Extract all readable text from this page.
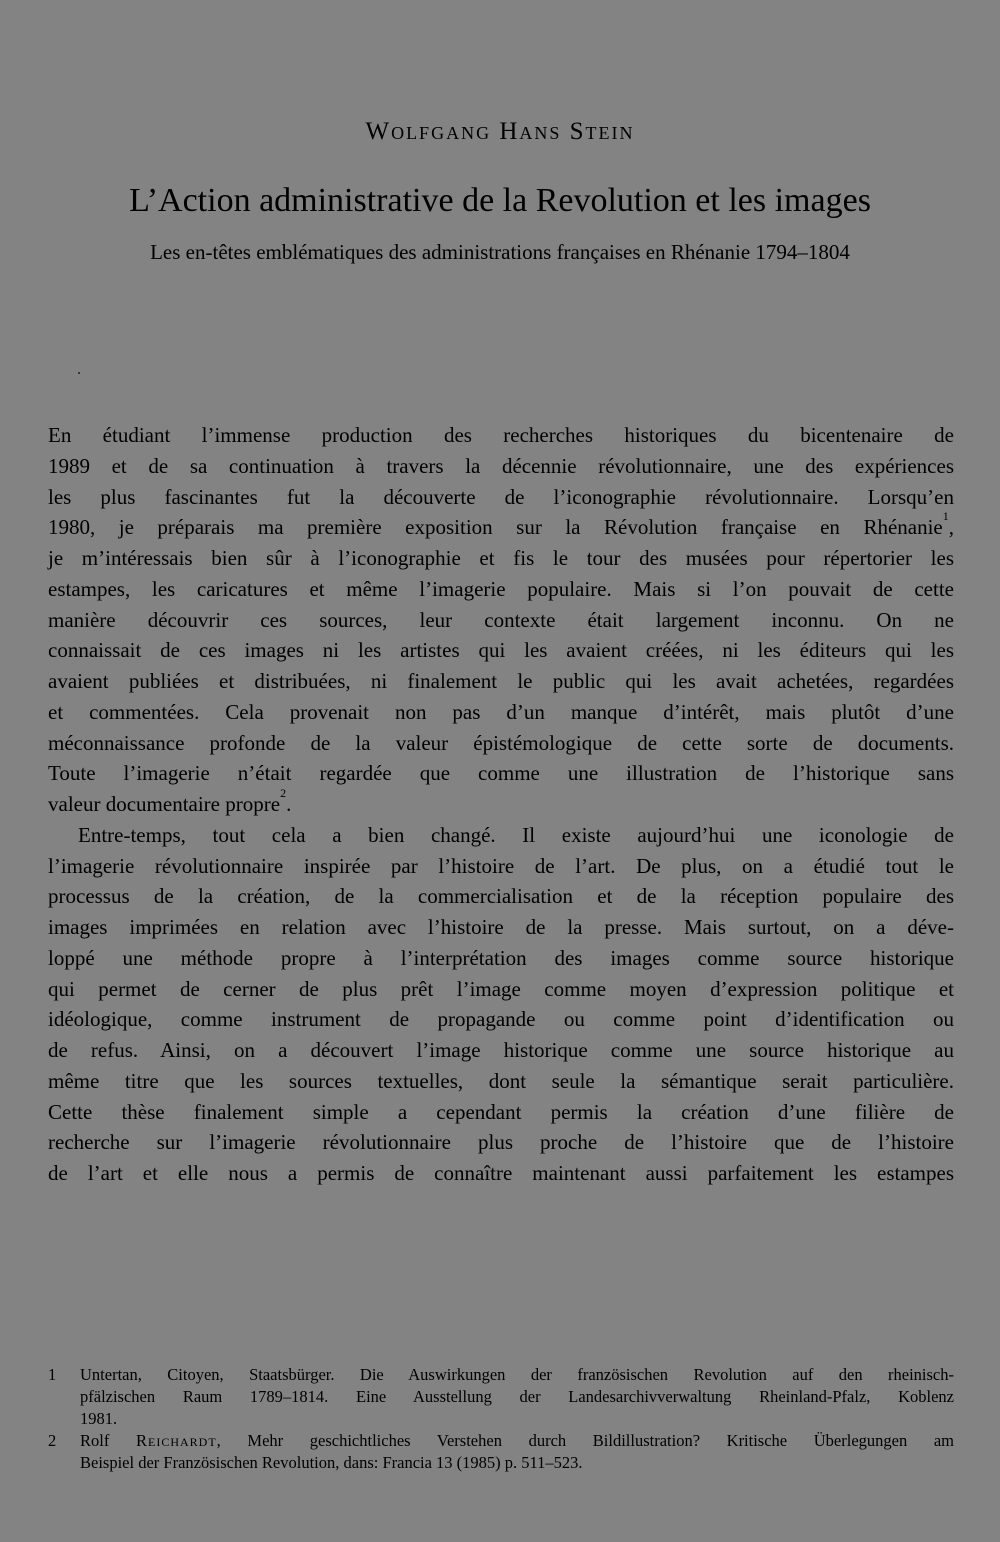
Wolfgang Hans Stein
L’Action administrative de la Revolution et les images
Les en-têtes emblématiques des administrations françaises en Rhénanie 1794–1804
En étudiant l’immense production des recherches historiques du bicentenaire de
1989 et de sa continuation à travers la décennie révolutionnaire, une des expériences
les plus fascinantes fut la découverte de l’iconographie révolutionnaire. Lorsqu’en
1980, je préparais ma première exposition sur la Révolution française en Rhénanie$^1$,
je m’intéressais bien sûr à l’iconographie et fis le tour des musées pour répertorier les
estampes, les caricatures et même l’imagerie populaire. Mais si l’on pouvait de cette
manière découvrir ces sources, leur contexte était largement inconnu. On ne
connaissait de ces images ni les artistes qui les avaient créées, ni les éditeurs qui les
avaient publiées et distribuées, ni finalement le public qui les avait achetées, regardées
et commentées. Cela provenait non pas d’un manque d’intérêt, mais plutôt d’une
méconnaissance profonde de la valeur épistémologique de cette sorte de documents.
Toute l’imagerie n’était regardée que comme une illustration de l’historique sans
valeur documentaire propre$^2$.
Entre-temps, tout cela a bien changé. Il existe aujourd’hui une iconologie de
l’imagerie révolutionnaire inspirée par l’histoire de l’art. De plus, on a étudié tout le
processus de la création, de la commercialisation et de la réception populaire des
images imprimées en relation avec l’histoire de la presse. Mais surtout, on a déve-
loppé une méthode propre à l’interprétation des images comme source historique
qui permet de cerner de plus prêt l’image comme moyen d’expression politique et
idéologique, comme instrument de propagande ou comme point d’identification ou
de refus. Ainsi, on a découvert l’image historique comme une source historique au
même titre que les sources textuelles, dont seule la sémantique serait particulière.
Cette thèse finalement simple a cependant permis la création d’une filière de
recherche sur l’imagerie révolutionnaire plus proche de l’histoire que de l’histoire
de l’art et elle nous a permis de connaître maintenant aussi parfaitement les estampes
1	Untertan, Citoyen, Staatsbürger. Die Auswirkungen der französischen Revolution auf den rheinisch-
pfälzischen Raum 1789–1814. Eine Ausstellung der Landesarchivverwaltung Rheinland-Pfalz, Koblenz
1981.
2	Rolf Reichardt, Mehr geschichtliches Verstehen durch Bildillustration? Kritische Überlegungen am
Beispiel der Französischen Revolution, dans: Francia 13 (1985) p. 511–523.
